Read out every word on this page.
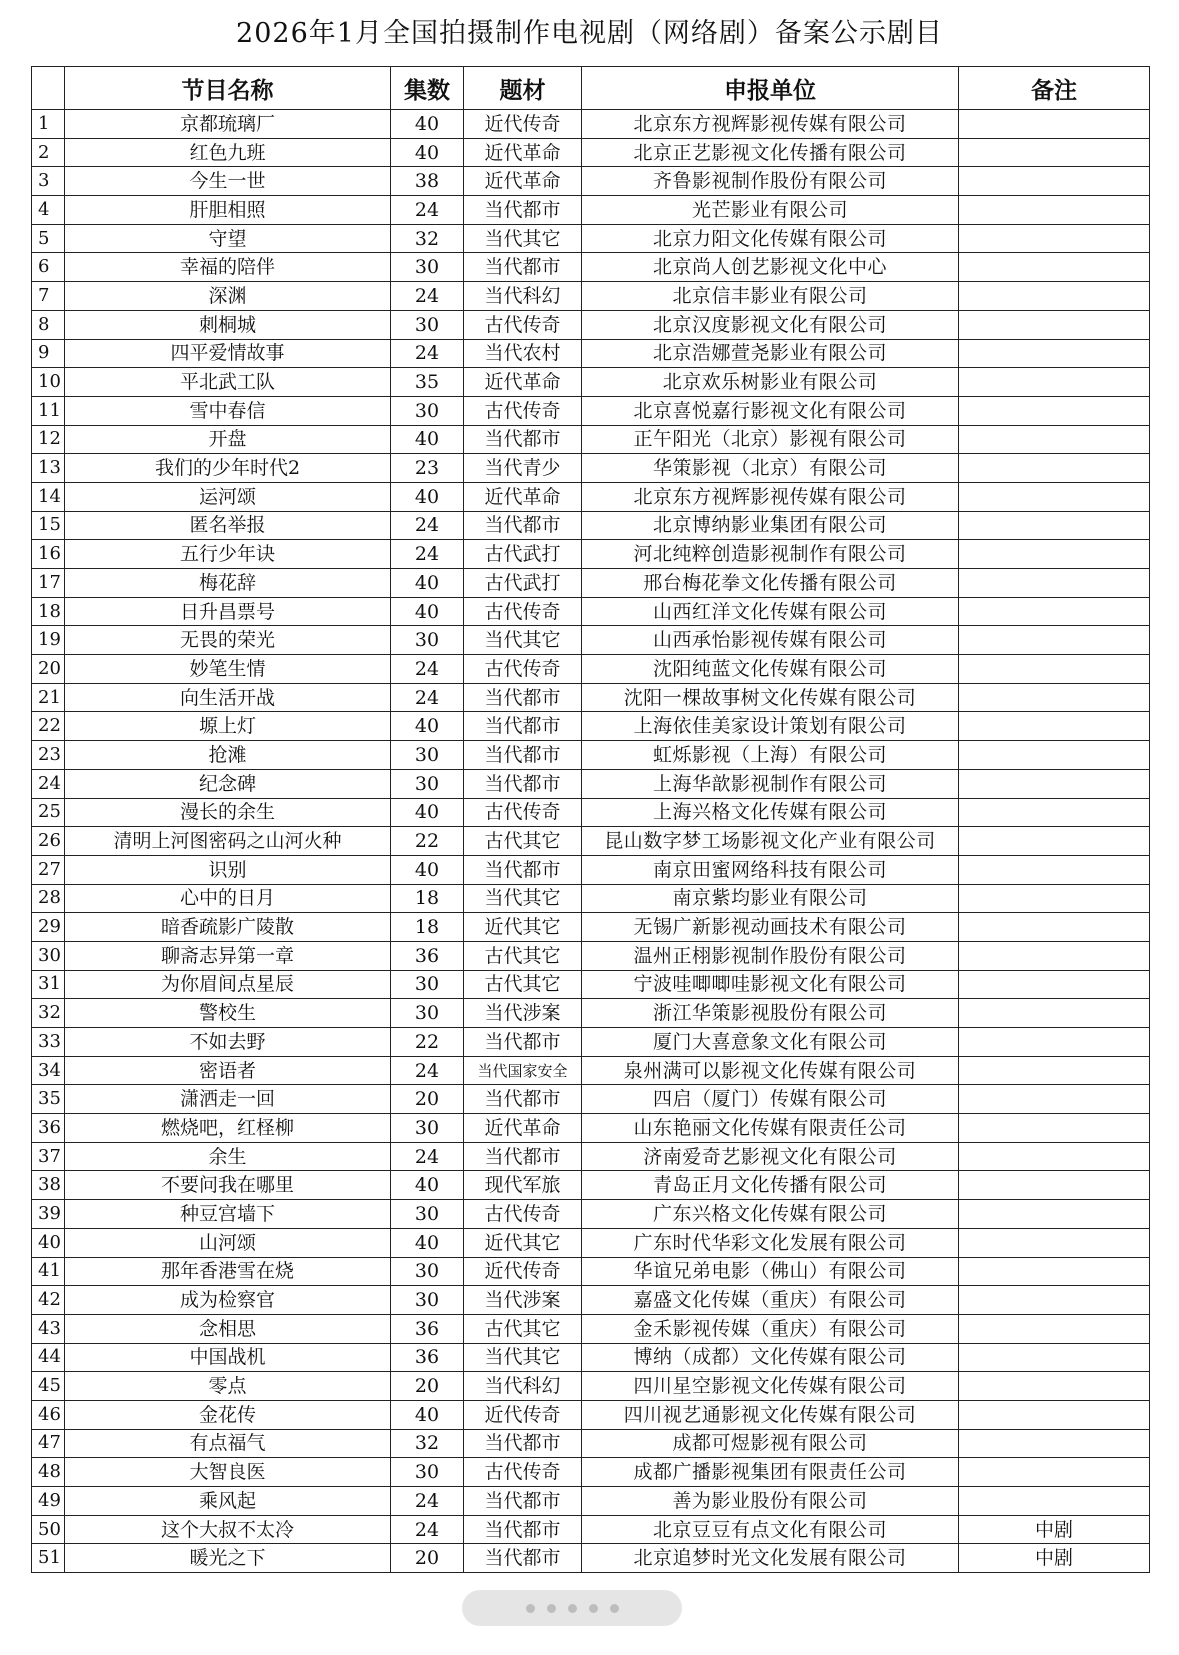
2026年1月全国拍摄制作电视剧（网络剧）备案公示剧目
	节目名称	集数	题材	申报单位	备注
1	京都琉璃厂	40	近代传奇	北京东方视辉影视传媒有限公司	
2	红色九班	40	近代革命	北京正艺影视文化传播有限公司	
3	今生一世	38	近代革命	齐鲁影视制作股份有限公司	
4	肝胆相照	24	当代都市	光芒影业有限公司	
5	守望	32	当代其它	北京力阳文化传媒有限公司	
6	幸福的陪伴	30	当代都市	北京尚人创艺影视文化中心	
7	深渊	24	当代科幻	北京信丰影业有限公司	
8	刺桐城	30	古代传奇	北京汉度影视文化有限公司	
9	四平爱情故事	24	当代农村	北京浩娜萱尧影业有限公司	
10	平北武工队	35	近代革命	北京欢乐树影业有限公司	
11	雪中春信	30	古代传奇	北京喜悦嘉行影视文化有限公司	
12	开盘	40	当代都市	正午阳光（北京）影视有限公司	
13	我们的少年时代2	23	当代青少	华策影视（北京）有限公司	
14	运河颂	40	近代革命	北京东方视辉影视传媒有限公司	
15	匿名举报	24	当代都市	北京博纳影业集团有限公司	
16	五行少年诀	24	古代武打	河北纯粹创造影视制作有限公司	
17	梅花辞	40	古代武打	邢台梅花拳文化传播有限公司	
18	日升昌票号	40	古代传奇	山西红洋文化传媒有限公司	
19	无畏的荣光	30	当代其它	山西承怡影视传媒有限公司	
20	妙笔生情	24	古代传奇	沈阳纯蓝文化传媒有限公司	
21	向生活开战	24	当代都市	沈阳一棵故事树文化传媒有限公司	
22	塬上灯	40	当代都市	上海依佳美家设计策划有限公司	
23	抢滩	30	当代都市	虹烁影视（上海）有限公司	
24	纪念碑	30	当代都市	上海华歆影视制作有限公司	
25	漫长的余生	40	古代传奇	上海兴格文化传媒有限公司	
26	清明上河图密码之山河火种	22	古代其它	昆山数字梦工场影视文化产业有限公司	
27	识别	40	当代都市	南京田蜜网络科技有限公司	
28	心中的日月	18	当代其它	南京紫均影业有限公司	
29	暗香疏影广陵散	18	近代其它	无锡广新影视动画技术有限公司	
30	聊斋志异第一章	36	古代其它	温州正栩影视制作股份有限公司	
31	为你眉间点星辰	30	古代其它	宁波哇唧唧哇影视文化有限公司	
32	警校生	30	当代涉案	浙江华策影视股份有限公司	
33	不如去野	22	当代都市	厦门大喜意象文化有限公司	
34	密语者	24	当代国家安全	泉州满可以影视文化传媒有限公司	
35	潇洒走一回	20	当代都市	四启（厦门）传媒有限公司	
36	燃烧吧，红柽柳	30	近代革命	山东艳丽文化传媒有限责任公司	
37	余生	24	当代都市	济南爱奇艺影视文化有限公司	
38	不要问我在哪里	40	现代军旅	青岛正月文化传播有限公司	
39	种豆宫墙下	30	古代传奇	广东兴格文化传媒有限公司	
40	山河颂	40	近代其它	广东时代华彩文化发展有限公司	
41	那年香港雪在烧	30	近代传奇	华谊兄弟电影（佛山）有限公司	
42	成为检察官	30	当代涉案	嘉盛文化传媒（重庆）有限公司	
43	念相思	36	古代其它	金禾影视传媒（重庆）有限公司	
44	中国战机	36	当代其它	博纳（成都）文化传媒有限公司	
45	零点	20	当代科幻	四川星空影视文化传媒有限公司	
46	金花传	40	近代传奇	四川视艺通影视文化传媒有限公司	
47	有点福气	32	当代都市	成都可煜影视有限公司	
48	大智良医	30	古代传奇	成都广播影视集团有限责任公司	
49	乘风起	24	当代都市	善为影业股份有限公司	
50	这个大叔不太冷	24	当代都市	北京豆豆有点文化有限公司	中剧
51	暖光之下	20	当代都市	北京追梦时光文化发展有限公司	中剧
